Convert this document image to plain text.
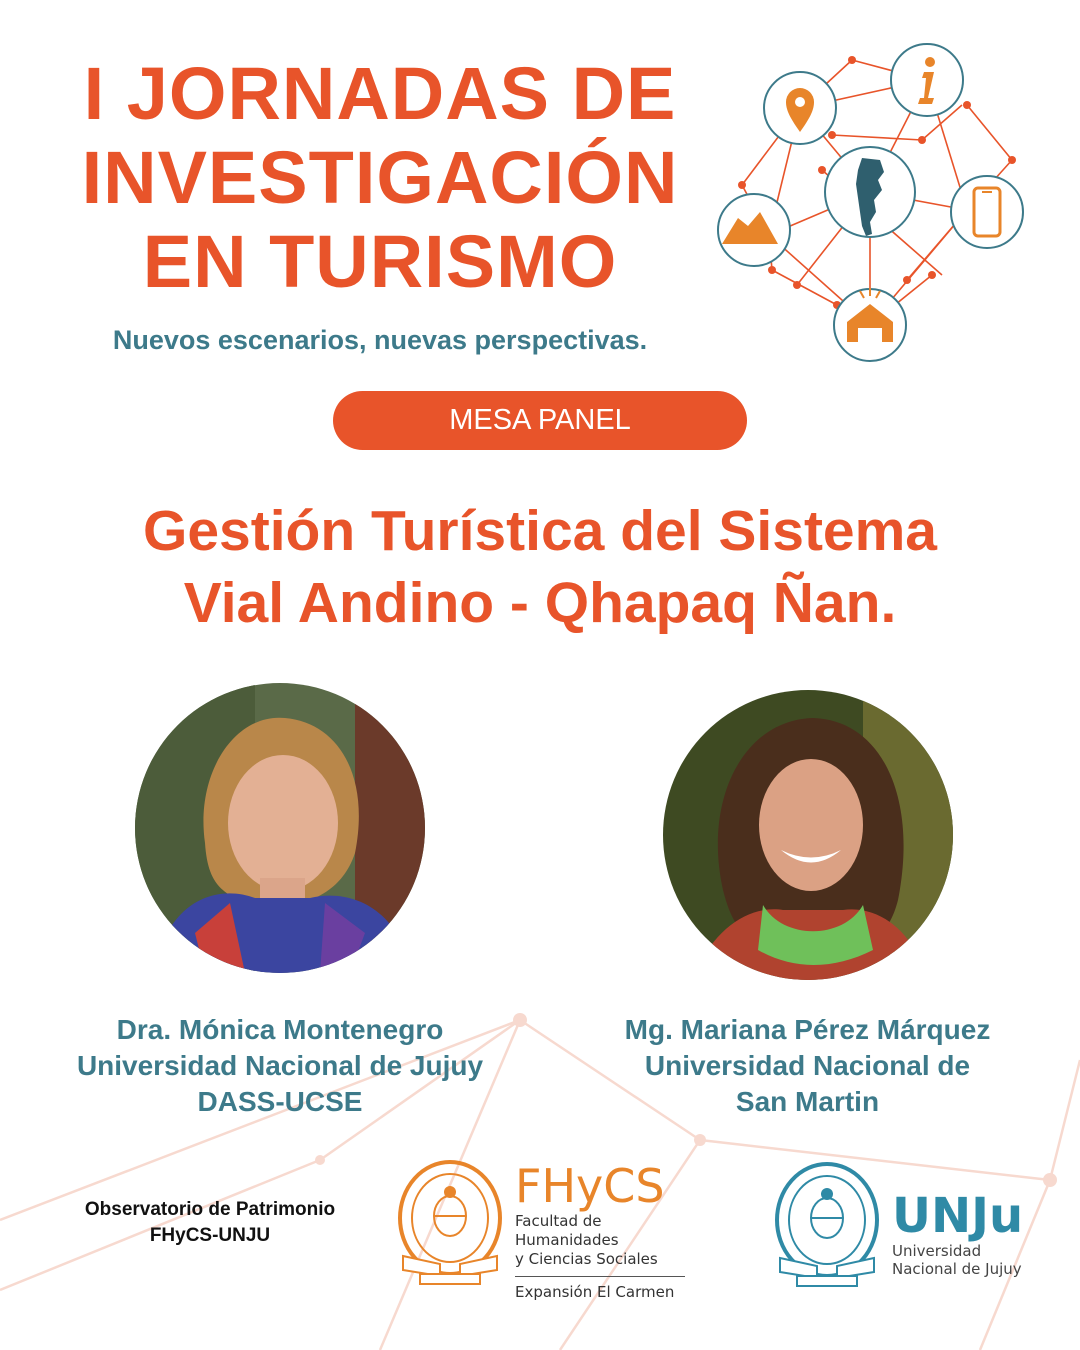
I JORNADAS DE
INVESTIGACIÓN
EN TURISMO
Nuevos escenarios, nuevas perspectivas.
MESA PANEL
Gestión Turística del Sistema
Vial Andino - Qhapaq Ñan.
Dra. Mónica Montenegro
Universidad Nacional de Jujuy
DASS-UCSE
Mg. Mariana Pérez Márquez
Universidad Nacional de
San Martin
Observatorio de Patrimonio
FHyCS-UNJU
FHyCS
Facultad de Humanidades
y Ciencias Sociales
Expansión El Carmen
UNJu
Universidad
Nacional de Jujuy
